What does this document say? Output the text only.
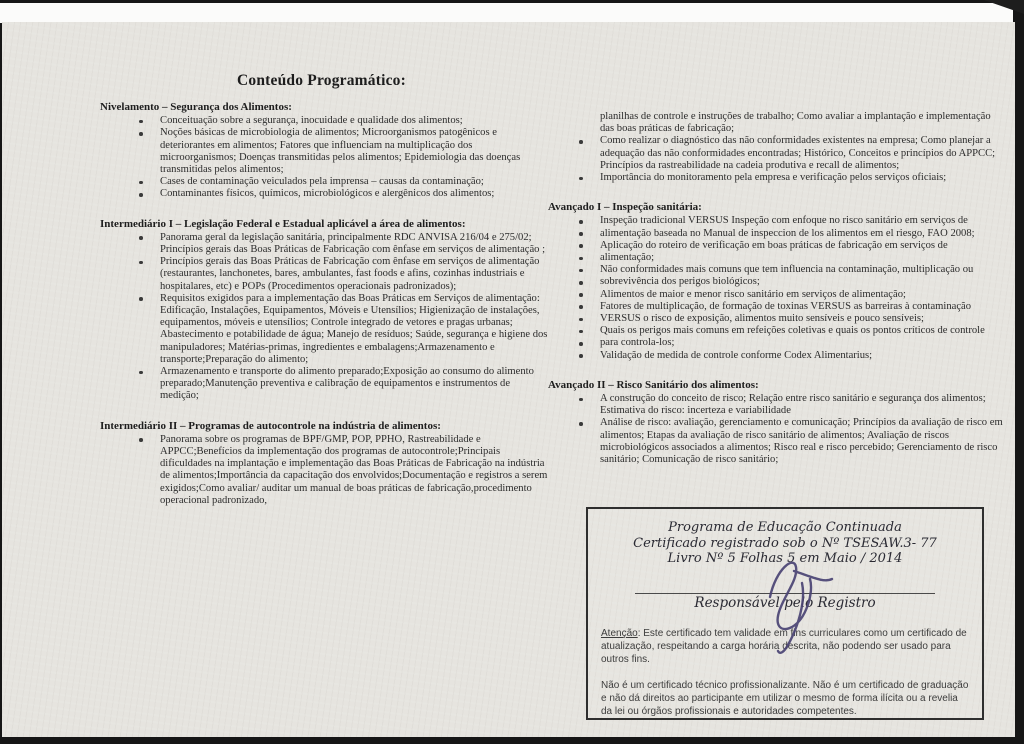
Conteúdo Programático:
Nivelamento – Segurança dos Alimentos:
Conceituação sobre a segurança, inocuidade e qualidade dos alimentos;
Noções básicas de microbiologia de alimentos; Microorganismos patogênicos e deteriorantes em alimentos; Fatores que influenciam na multiplicação dos microorganismos; Doenças transmitidas pelos alimentos; Epidemiologia das doenças transmitidas pelos alimentos;
Cases de contaminação veiculados pela imprensa – causas da contaminação;
Contaminantes físicos, químicos, microbiológicos e alergênicos dos alimentos;
Intermediário I – Legislação Federal e Estadual aplicável a área de alimentos:
Panorama geral da legislação sanitária, principalmente RDC ANVISA 216/04 e 275/02; Princípios gerais das Boas Práticas de Fabricação com ênfase em serviços de alimentação ;
Princípios gerais das Boas Práticas de Fabricação com ênfase em serviços de alimentação (restaurantes, lanchonetes, bares, ambulantes, fast foods e afins, cozinhas industriais e hospitalares, etc) e POPs (Procedimentos operacionais padronizados);
Requisitos exigidos para a implementação das Boas Práticas em Serviços de alimentação: Edificação, Instalações, Equipamentos, Móveis e Utensílios; Higienização de instalações, equipamentos, móveis e utensílios; Controle integrado de vetores e pragas urbanas; Abastecimento e potabilidade de água; Manejo de resíduos; Saúde, segurança e higiene dos manipuladores; Matérias-primas, ingredientes e embalagens;Armazenamento e transporte;Preparação do alimento;
Armazenamento e transporte do alimento preparado;Exposição ao consumo do alimento preparado;Manutenção preventiva e calibração de equipamentos e instrumentos de medição;
Intermediário II – Programas de autocontrole na indústria de alimentos:
Panorama sobre os programas de BPF/GMP, POP, PPHO, Rastreabilidade e APPCC;Benefícios da implementação dos programas de autocontrole;Principais dificuldades na implantação e implementação das Boas Práticas de Fabricação na indústria de alimentos;Importância da capacitação dos envolvidos;Documentação e registros a serem exigidos;Como avaliar/ auditar um manual de boas práticas de fabricação,procedimento operacional padronizado,
planilhas de controle e instruções de trabalho; Como avaliar a implantação e implementação das boas práticas de fabricação;
Como realizar o diagnóstico das não conformidades existentes na empresa; Como planejar a adequação das não conformidades encontradas; Histórico, Conceitos e princípios do APPCC; Princípios da rastreabilidade na cadeia produtiva e recall de alimentos;
Importância do monitoramento pela empresa e verificação pelos serviços oficiais;
Avançado I – Inspeção sanitária:
Inspeção tradicional VERSUS Inspeção com enfoque no risco sanitário em serviços de
alimentação baseada no Manual de inspeccion de los alimentos em el riesgo, FAO 2008;
Aplicação do roteiro de verificação em boas práticas de fabricação em serviços de
alimentação;
Não conformidades mais comuns que tem influencia na contaminação, multiplicação ou
sobrevivência dos perigos biológicos;
Alimentos de maior e menor risco sanitário em serviços de alimentação;
Fatores de multiplicação, de formação de toxinas VERSUS as barreiras à contaminação
VERSUS o risco de exposição, alimentos muito sensíveis e pouco sensíveis;
Quais os perigos mais comuns em refeições coletivas e quais os pontos críticos de controle
para controla-los;
Validação de medida de controle conforme Codex Alimentarius;
Avançado II – Risco Sanitário dos alimentos:
A construção do conceito de risco; Relação entre risco sanitário e segurança dos alimentos; Estimativa do risco: incerteza e variabilidade
Análise de risco: avaliação, gerenciamento e comunicação; Princípios da avaliação de risco em alimentos; Etapas da avaliação de risco sanitário de alimentos; Avaliação de riscos microbiológicos associados a alimentos; Risco real e risco percebido; Gerenciamento de risco sanitário; Comunicação de risco sanitário;
Programa de Educação Continuada
Certificado registrado sob o Nº TSESAW.3- 77
Livro Nº 5 Folhas 5 em Maio / 2014
Responsável pelo Registro

Atenção: Este certificado tem validade em fins curriculares como um certificado de atualização, respeitando a carga horária descrita, não podendo ser usado para outros fins.

Não é um certificado técnico profissionalizante. Não é um certificado de graduação e não dá direitos ao participante em utilizar o mesmo de forma ilícita ou a revelia da lei ou órgãos profissionais e autoridades competentes.
